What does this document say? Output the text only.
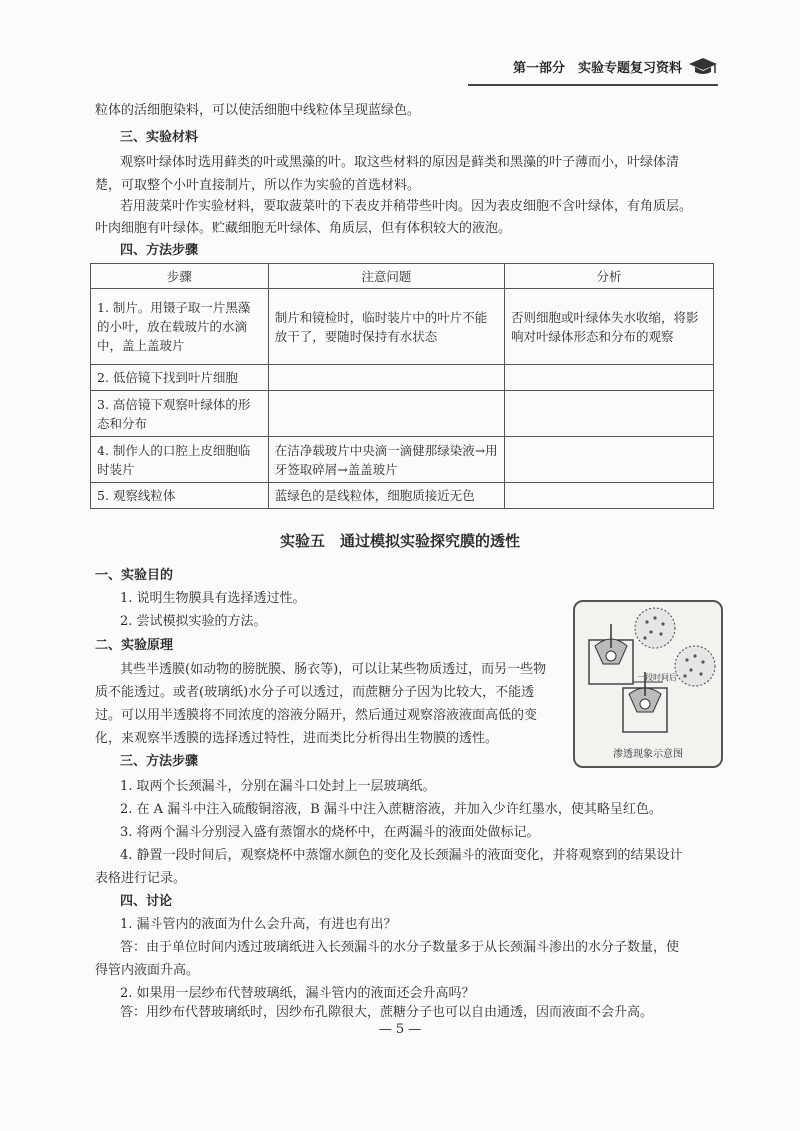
第一部分　实验专题复习资料
粒体的活细胞染料，可以使活细胞中线粒体呈现蓝绿色。
三、实验材料
观察叶绿体时选用藓类的叶或黑藻的叶。取这些材料的原因是藓类和黑藻的叶子薄而小，叶绿体清
楚，可取整个小叶直接制片，所以作为实验的首选材料。
若用菠菜叶作实验材料，要取菠菜叶的下表皮并稍带些叶肉。因为表皮细胞不含叶绿体，有角质层。
叶肉细胞有叶绿体。贮藏细胞无叶绿体、角质层，但有体积较大的液泡。
四、方法步骤
步骤	注意问题	分析
1. 制片。用镊子取一片黑藻的小叶，放在载玻片的水滴中，盖上盖玻片	制片和镜检时，临时装片中的叶片不能放干了，要随时保持有水状态	否则细胞或叶绿体失水收缩，将影响对叶绿体形态和分布的观察
2. 低倍镜下找到叶片细胞		
3. 高倍镜下观察叶绿体的形态和分布		
4. 制作人的口腔上皮细胞临时装片	在洁净载玻片中央滴一滴健那绿染液→用牙签取碎屑→盖盖玻片	
5. 观察线粒体	蓝绿色的是线粒体，细胞质接近无色	
实验五　通过模拟实验探究膜的透性
一、实验目的
1. 说明生物膜具有选择透过性。
2. 尝试模拟实验的方法。
二、实验原理
其些半透膜(如动物的膀胱膜、肠衣等)，可以让某些物质透过，而另一些物
质不能透过。或者(玻璃纸)水分子可以透过，而蔗糖分子因为比较大，不能透
过。可以用半透膜将不同浓度的溶液分隔开，然后通过观察溶液液面高低的变
化，来观察半透膜的选择透过特性，进而类比分析得出生物膜的透性。
一段时间后
渗透现象示意图
三、方法步骤
1. 取两个长颈漏斗，分别在漏斗口处封上一层玻璃纸。
2. 在 A 漏斗中注入硫酸铜溶液，B 漏斗中注入蔗糖溶液，并加入少许红墨水，使其略呈红色。
3. 将两个漏斗分别浸入盛有蒸馏水的烧杯中，在两漏斗的液面处做标记。
4. 静置一段时间后，观察烧杯中蒸馏水颜色的变化及长颈漏斗的液面变化，并将观察到的结果设计
表格进行记录。
四、讨论
1. 漏斗管内的液面为什么会升高，有进也有出？
答：由于单位时间内透过玻璃纸进入长颈漏斗的水分子数量多于从长颈漏斗渗出的水分子数量，使
得管内液面升高。
2. 如果用一层纱布代替玻璃纸，漏斗管内的液面还会升高吗？
答：用纱布代替玻璃纸时，因纱布孔隙很大，蔗糖分子也可以自由通透，因而液面不会升高。
— 5 —
